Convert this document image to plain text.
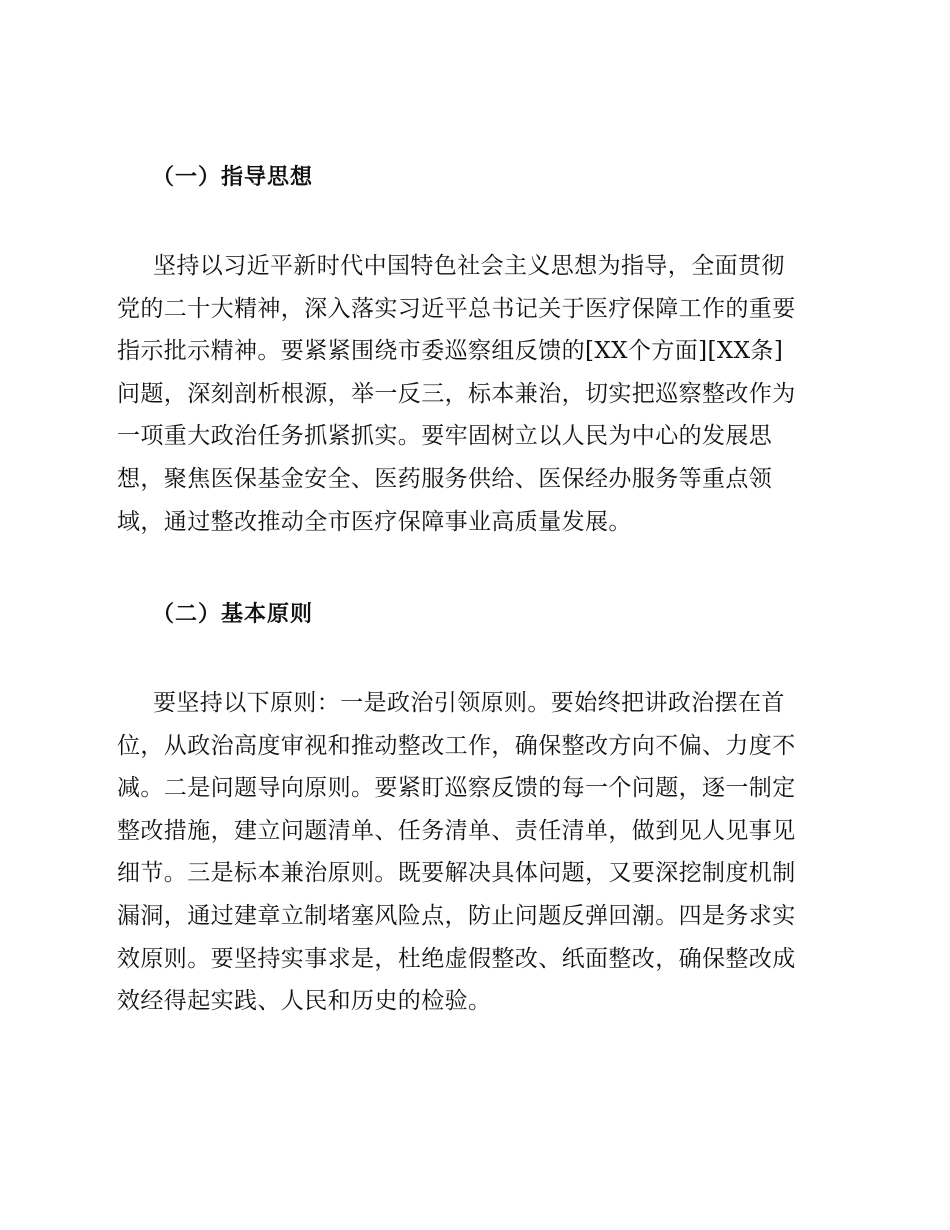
（一）指导思想
坚持以习近平新时代中国特色社会主义思想为指导，全面贯彻
党的二十大精神，深入落实习近平总书记关于医疗保障工作的重要
指示批示精神。要紧紧围绕市委巡察组反馈的[XX个方面][XX条]
问题，深刻剖析根源，举一反三，标本兼治，切实把巡察整改作为
一项重大政治任务抓紧抓实。要牢固树立以人民为中心的发展思
想，聚焦医保基金安全、医药服务供给、医保经办服务等重点领
域，通过整改推动全市医疗保障事业高质量发展。
（二）基本原则
要坚持以下原则：一是政治引领原则。要始终把讲政治摆在首
位，从政治高度审视和推动整改工作，确保整改方向不偏、力度不
减。二是问题导向原则。要紧盯巡察反馈的每一个问题，逐一制定
整改措施，建立问题清单、任务清单、责任清单，做到见人见事见
细节。三是标本兼治原则。既要解决具体问题，又要深挖制度机制
漏洞，通过建章立制堵塞风险点，防止问题反弹回潮。四是务求实
效原则。要坚持实事求是，杜绝虚假整改、纸面整改，确保整改成
效经得起实践、人民和历史的检验。
